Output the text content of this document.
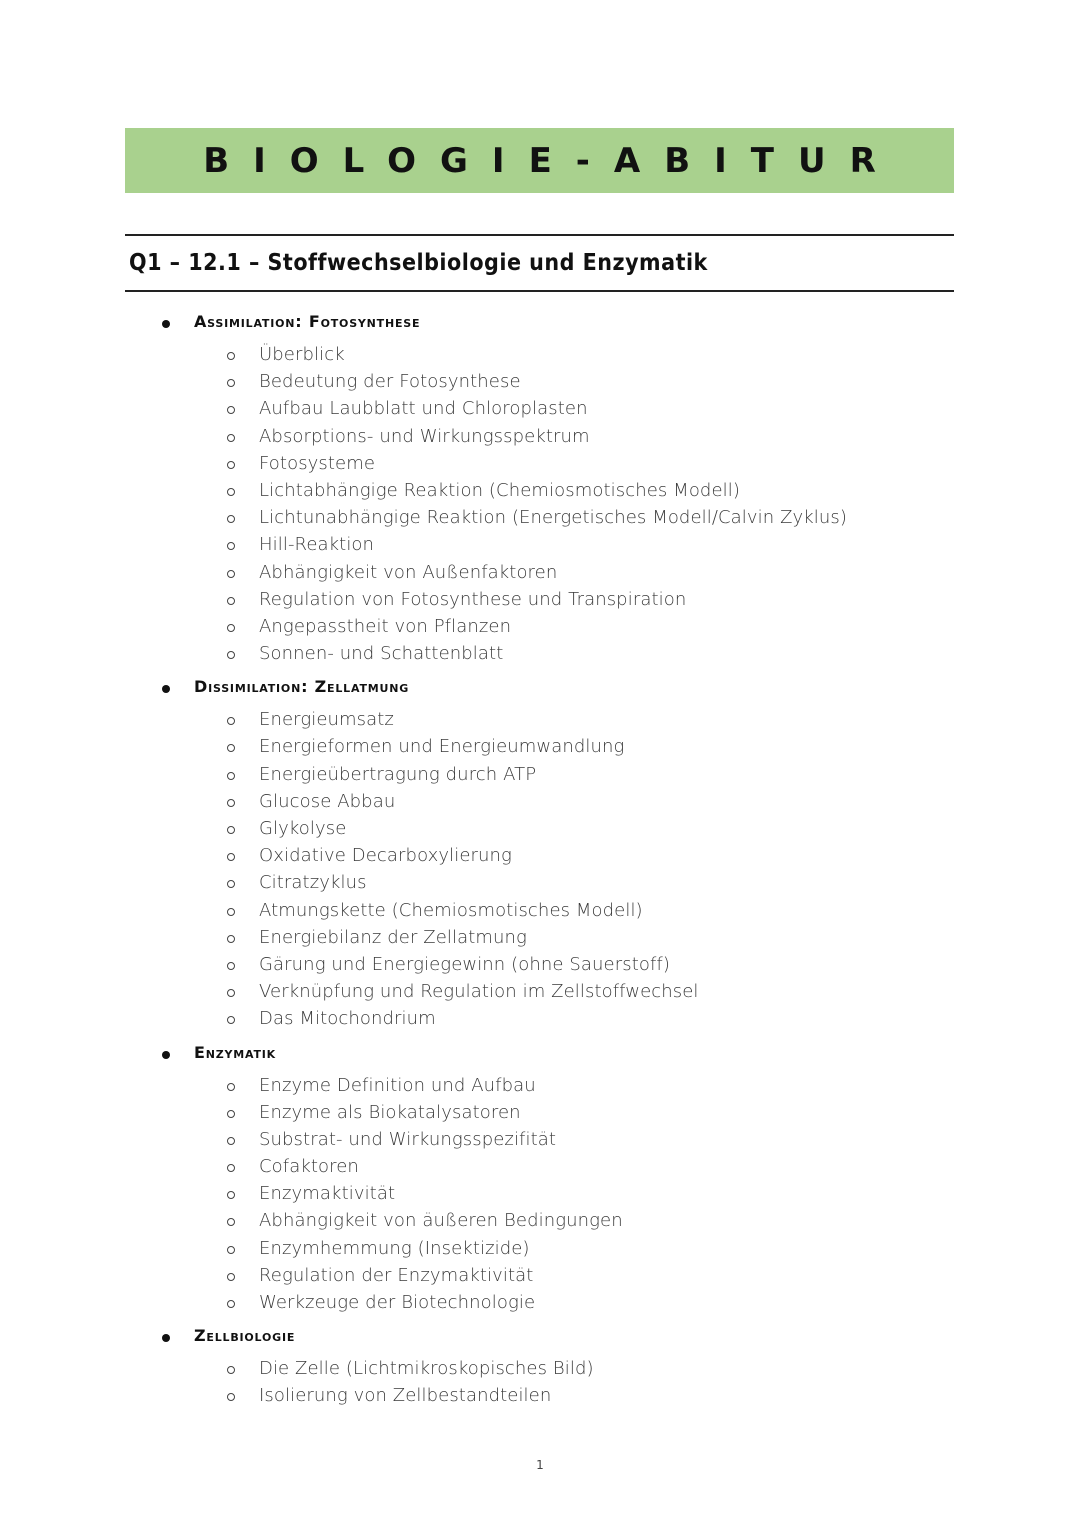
BIOLOGIE-ABITUR
Q1 – 12.1 – Stoffwechselbiologie und Enzymatik
Assimilation: Fotosynthese
Überblick
Bedeutung der Fotosynthese
Aufbau Laubblatt und Chloroplasten
Absorptions- und Wirkungsspektrum
Fotosysteme
Lichtabhängige Reaktion (Chemiosmotisches Modell)
Lichtunabhängige Reaktion (Energetisches Modell/Calvin Zyklus)
Hill-Reaktion
Abhängigkeit von Außenfaktoren
Regulation von Fotosynthese und Transpiration
Angepasstheit von Pflanzen
Sonnen- und Schattenblatt
Dissimilation: Zellatmung
Energieumsatz
Energieformen und Energieumwandlung
Energieübertragung durch ATP
Glucose Abbau
Glykolyse
Oxidative Decarboxylierung
Citratzyklus
Atmungskette (Chemiosmotisches Modell)
Energiebilanz der Zellatmung
Gärung und Energiegewinn (ohne Sauerstoff)
Verknüpfung und Regulation im Zellstoffwechsel
Das Mitochondrium
Enzymatik
Enzyme Definition und Aufbau
Enzyme als Biokatalysatoren
Substrat- und Wirkungsspezifität
Cofaktoren
Enzymaktivität
Abhängigkeit von äußeren Bedingungen
Enzymhemmung (Insektizide)
Regulation der Enzymaktivität
Werkzeuge der Biotechnologie
Zellbiologie
Die Zelle (Lichtmikroskopisches Bild)
Isolierung von Zellbestandteilen
1
